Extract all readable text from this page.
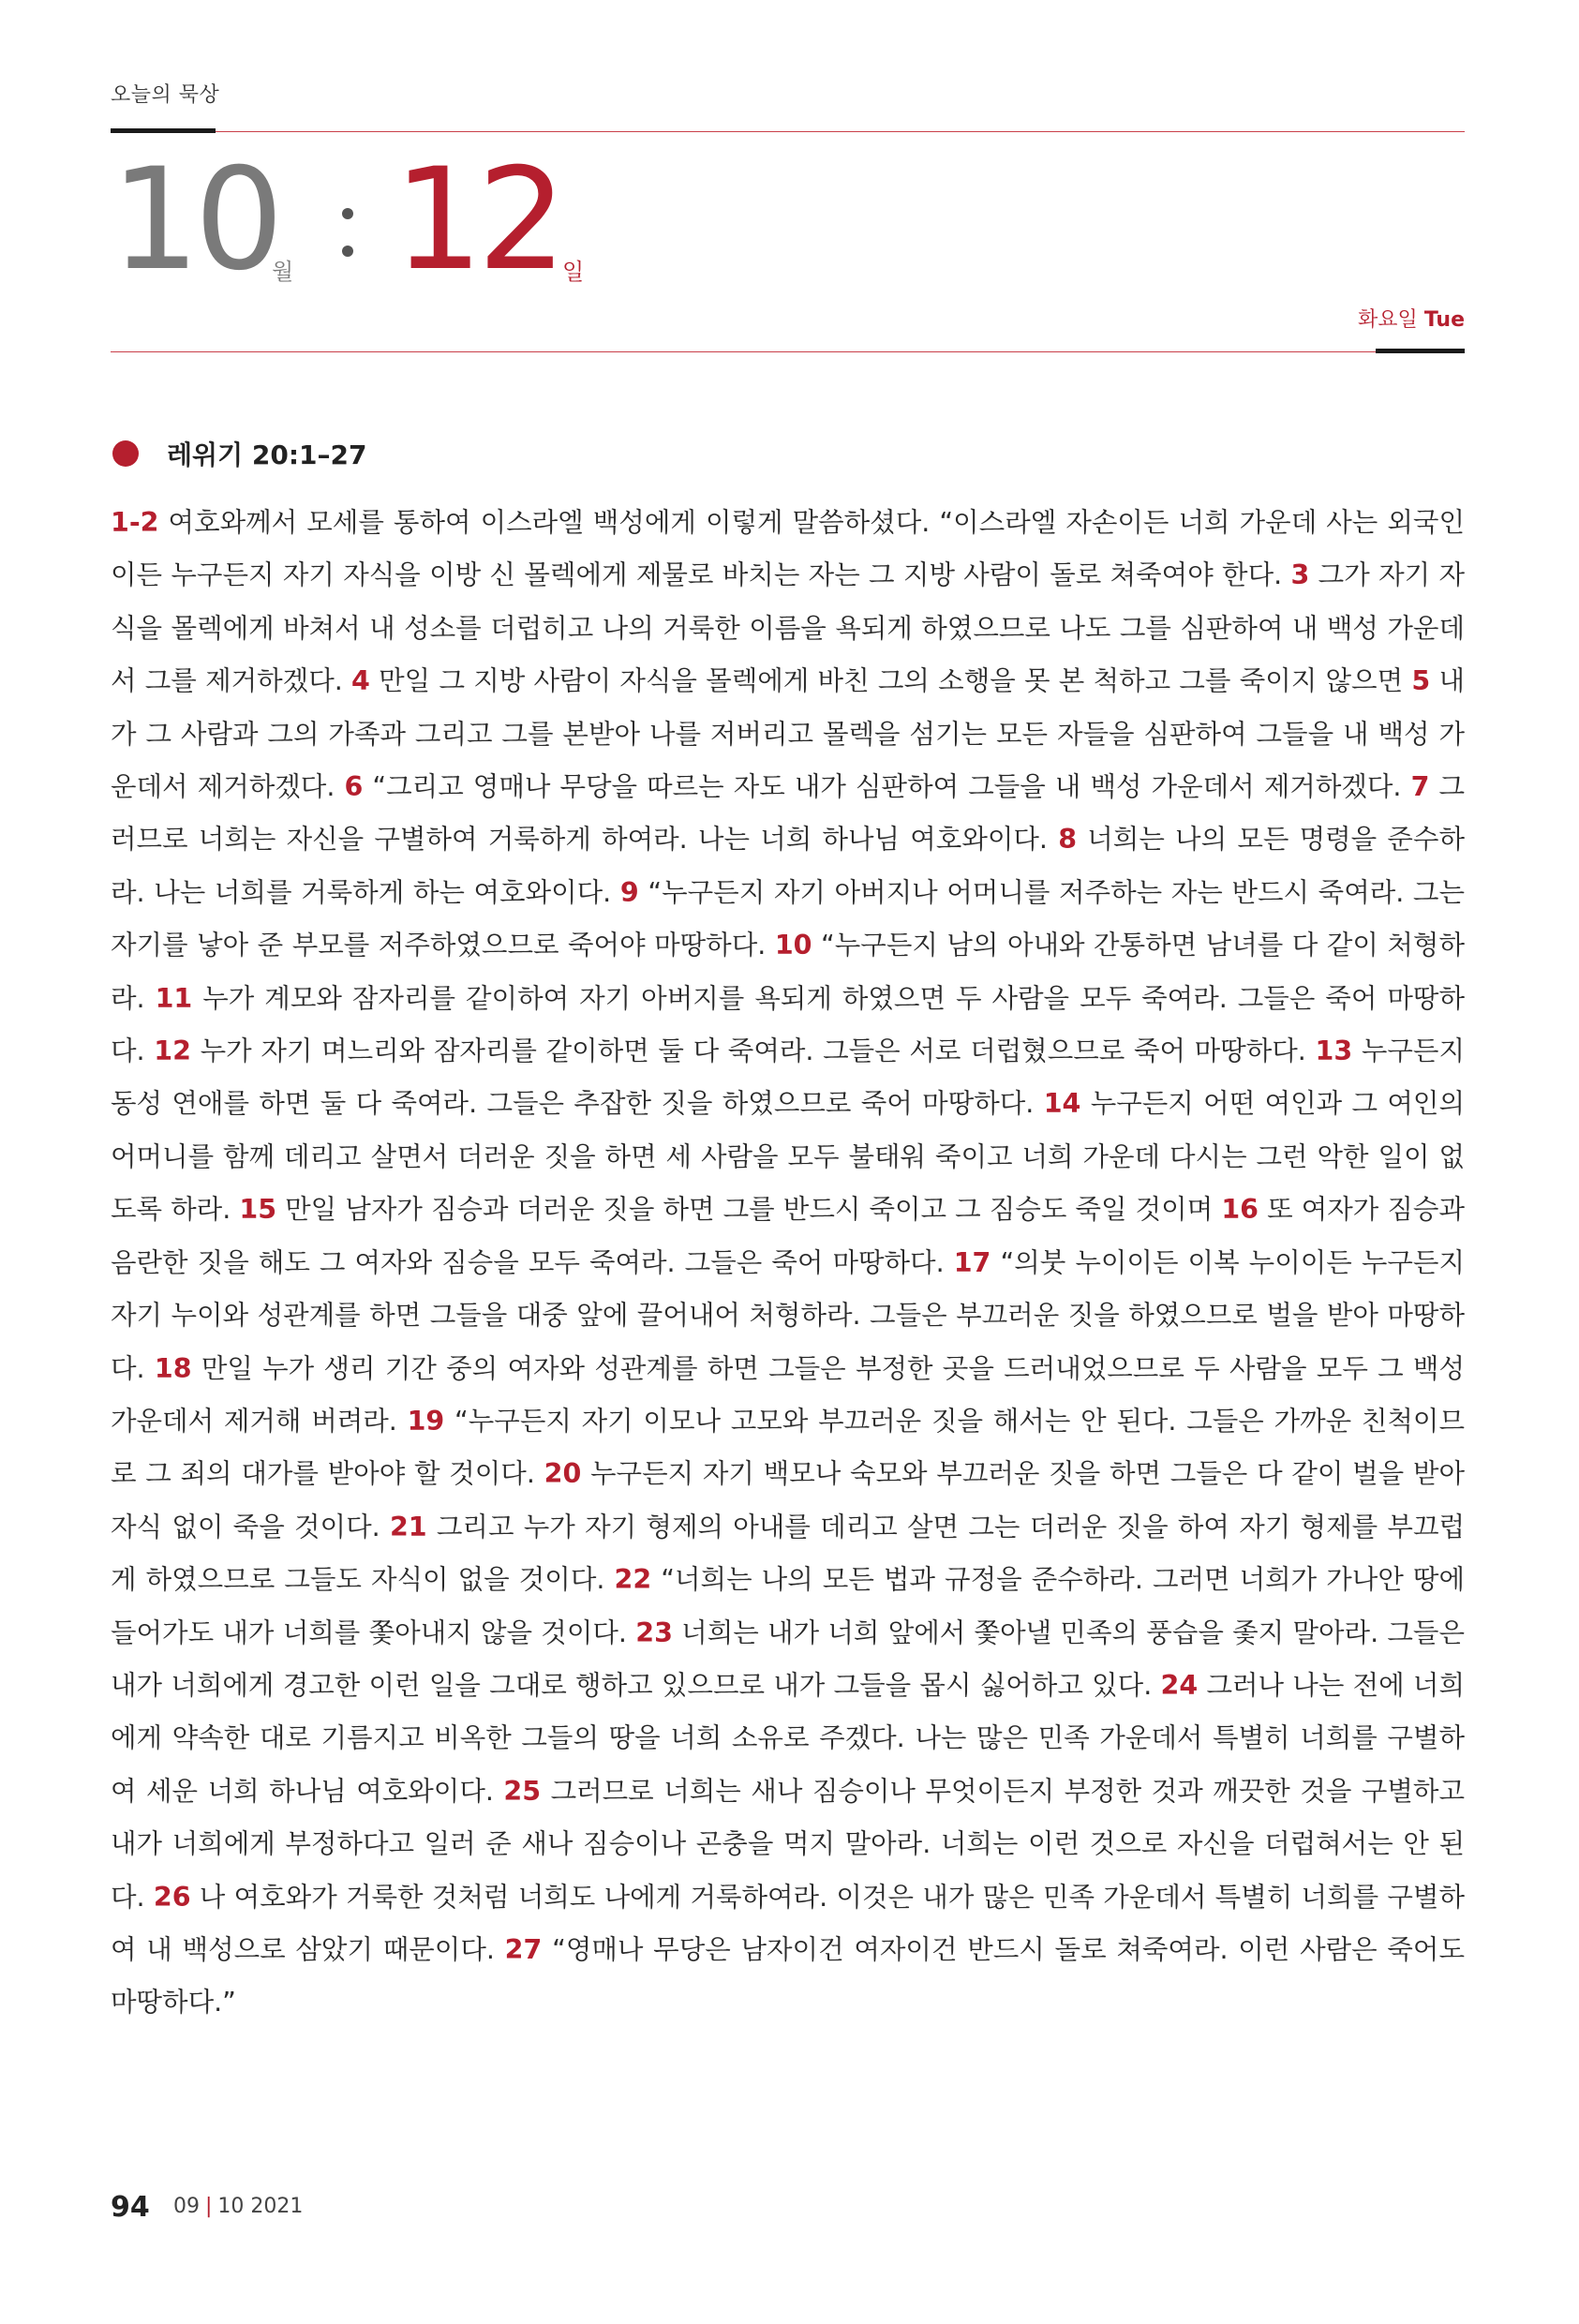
오늘의 묵상
10
월 12 일
화요일 Tue
레위기 20:1–27

1-2 여호와께서 모세를 통하여 이스라엘 백성에게 이렇게 말씀하셨다. “이스라엘 자손이든 너희 가운데 사는 외국인이든 누구든지 자기 자식을 이방 신 몰렉에게 제물로 바치는 자는 그 지방 사람이 돌로 쳐죽여야 한다. 3 그가 자기 자식을 몰렉에게 바쳐서 내 성소를 더럽히고 나의 거룩한 이름을 욕되게 하였으므로 나도 그를 심판하여 내 백성 가운데서 그를 제거하겠다. 4 만일 그 지방 사람이 자식을 몰렉에게 바친 그의 소행을 못 본 척하고 그를 죽이지 않으면 5 내가 그 사람과 그의 가족과 그리고 그를 본받아 나를 저버리고 몰렉을 섬기는 모든 자들을 심판하여 그들을 내 백성 가운데서 제거하겠다. 6 “그리고 영매나 무당을 따르는 자도 내가 심판하여 그들을 내 백성 가운데서 제거하겠다. 7 그러므로 너희는 자신을 구별하여 거룩하게 하여라. 나는 너희 하나님 여호와이다. 8 너희는 나의 모든 명령을 준수하라. 나는 너희를 거룩하게 하는 여호와이다. 9 “누구든지 자기 아버지나 어머니를 저주하는 자는 반드시 죽여라. 그는 자기를 낳아 준 부모를 저주하였으므로 죽어야 마땅하다. 10 “누구든지 남의 아내와 간통하면 남녀를 다 같이 처형하라. 11 누가 계모와 잠자리를 같이하여 자기 아버지를 욕되게 하였으면 두 사람을 모두 죽여라. 그들은 죽어 마땅하다. 12 누가 자기 며느리와 잠자리를 같이하면 둘 다 죽여라. 그들은 서로 더럽혔으므로 죽어 마땅하다. 13 누구든지 동성 연애를 하면 둘 다 죽여라. 그들은 추잡한 짓을 하였으므로 죽어 마땅하다. 14 누구든지 어떤 여인과 그 여인의 어머니를 함께 데리고 살면서 더러운 짓을 하면 세 사람을 모두 불태워 죽이고 너희 가운데 다시는 그런 악한 일이 없도록 하라. 15 만일 남자가 짐승과 더러운 짓을 하면 그를 반드시 죽이고 그 짐승도 죽일 것이며 16 또 여자가 짐승과 음란한 짓을 해도 그 여자와 짐승을 모두 죽여라. 그들은 죽어 마땅하다. 17 “의붓 누이이든 이복 누이이든 누구든지 자기 누이와 성관계를 하면 그들을 대중 앞에 끌어내어 처형하라. 그들은 부끄러운 짓을 하였으므로 벌을 받아 마땅하다. 18 만일 누가 생리 기간 중의 여자와 성관계를 하면 그들은 부정한 곳을 드러내었으므로 두 사람을 모두 그 백성 가운데서 제거해 버려라. 19 “누구든지 자기 이모나 고모와 부끄러운 짓을 해서는 안 된다. 그들은 가까운 친척이므로 그 죄의 대가를 받아야 할 것이다. 20 누구든지 자기 백모나 숙모와 부끄러운 짓을 하면 그들은 다 같이 벌을 받아 자식 없이 죽을 것이다. 21 그리고 누가 자기 형제의 아내를 데리고 살면 그는 더러운 짓을 하여 자기 형제를 부끄럽게 하였으므로 그들도 자식이 없을 것이다. 22 “너희는 나의 모든 법과 규정을 준수하라. 그러면 너희가 가나안 땅에 들어가도 내가 너희를 쫓아내지 않을 것이다. 23 너희는 내가 너희 앞에서 쫓아낼 민족의 풍습을 좇지 말아라. 그들은 내가 너희에게 경고한 이런 일을 그대로 행하고 있으므로 내가 그들을 몹시 싫어하고 있다. 24 그러나 나는 전에 너희에게 약속한 대로 기름지고 비옥한 그들의 땅을 너희 소유로 주겠다. 나는 많은 민족 가운데서 특별히 너희를 구별하여 세운 너희 하나님 여호와이다. 25 그러므로 너희는 새나 짐승이나 무엇이든지 부정한 것과 깨끗한 것을 구별하고 내가 너희에게 부정하다고 일러 준 새나 짐승이나 곤충을 먹지 말아라. 너희는 이런 것으로 자신을 더럽혀서는 안 된다. 26 나 여호와가 거룩한 것처럼 너희도 나에게 거룩하여라. 이것은 내가 많은 민족 가운데서 특별히 너희를 구별하여 내 백성으로 삼았기 때문이다. 27 “영매나 무당은 남자이건 여자이건 반드시 돌로 쳐죽여라. 이런 사람은 죽어도 마땅하다.”

94 09 | 10 2021
